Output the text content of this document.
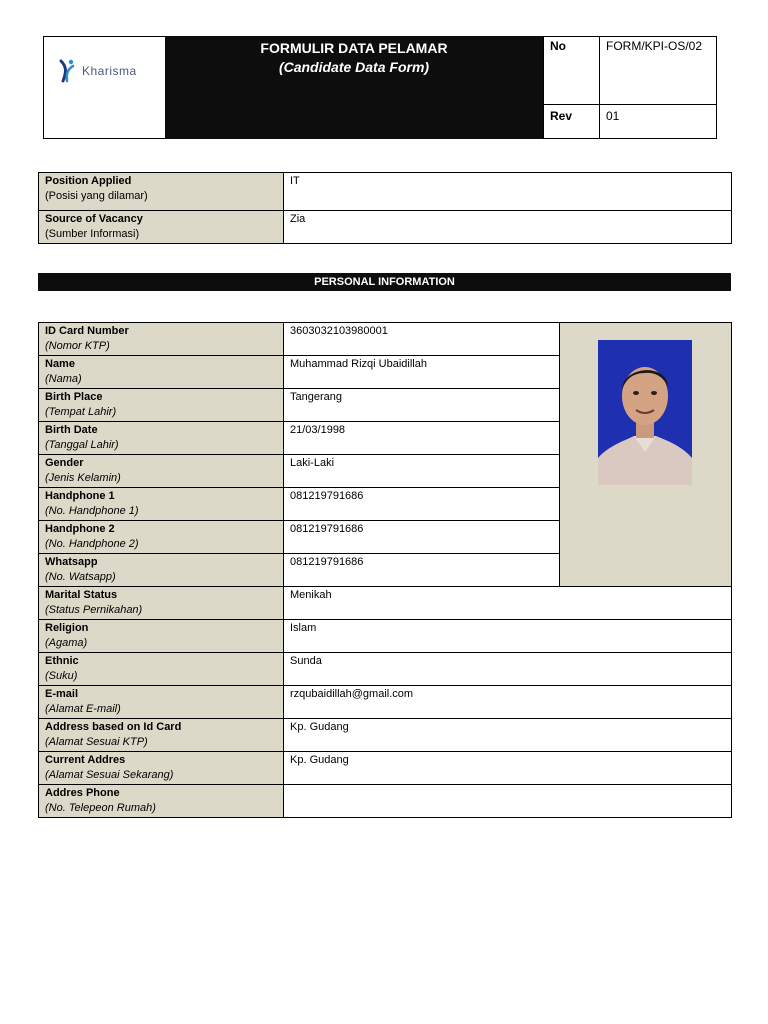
Kharisma
FORMULIR DATA PELAMAR
(Candidate Data Form)
No	FORM/KPI-OS/02
Rev	01
Position Applied
(Posisi yang dilamar)	IT

Source of Vacancy
(Sumber Informasi)	Zia
PERSONAL INFORMATION
ID Card Number
(Nomor KTP)	3603032103980001	

Name
(Nama)	Muhammad Rizqi Ubaidillah	

Birth Place
(Tempat Lahir)	Tangerang	

Birth Date
(Tanggal Lahir)	21/03/1998	

Gender
(Jenis Kelamin)	Laki-Laki	

Handphone 1
(No. Handphone 1)	081219791686	

Handphone 2
(No. Handphone 2)	081219791686	

Whatsapp
(No. Watsapp)	081219791686	

Marital Status
(Status Pernikahan)	Menikah	

Religion
(Agama)	Islam	

Ethnic
(Suku)	Sunda	

E-mail
(Alamat E-mail)	rzqubaidillah@gmail.com	

Address based on Id Card
(Alamat Sesuai KTP)	Kp. Gudang	

Current Addres
(Alamat Sesuai Sekarang)	Kp. Gudang	

Addres Phone
(No. Telepeon Rumah)		
